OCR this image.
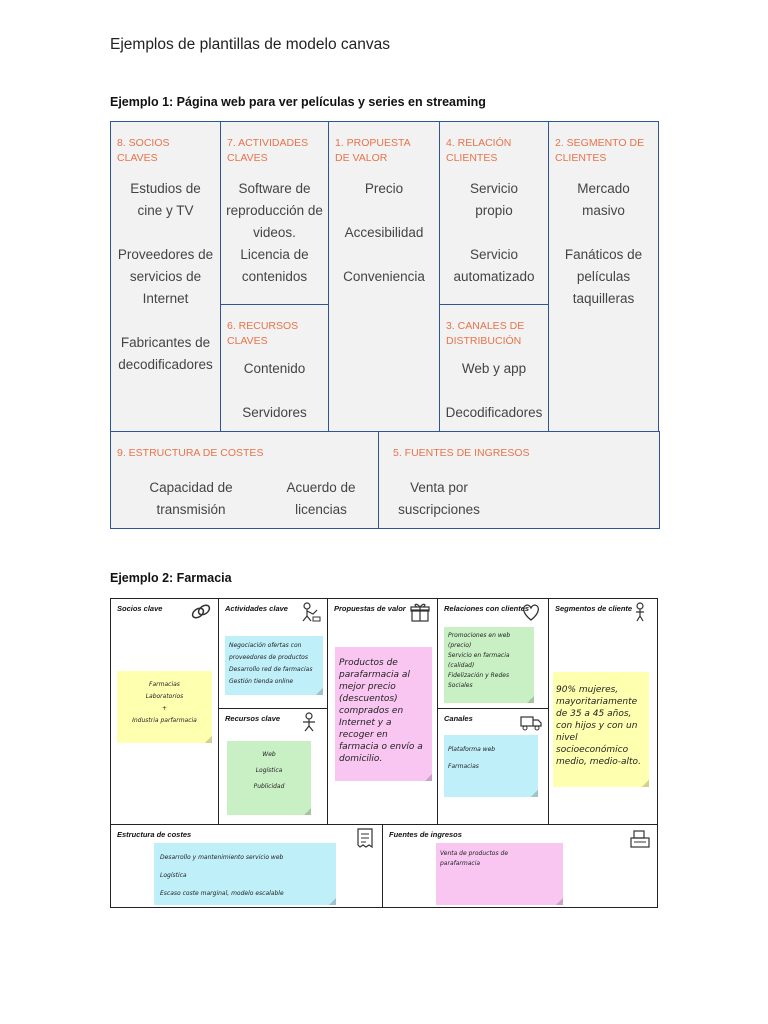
Ejemplos de plantillas de modelo canvas
Ejemplo 1: Página web para ver películas y series en streaming
8. SOCIOS
CLAVES
Estudios de
cine y TV

Proveedores de
servicios de
Internet

Fabricantes de
decodificadores
7. ACTIVIDADES
CLAVES
Software de
reproducción de
videos.
Licencia de
contenidos
6. RECURSOS
CLAVES
Contenido

Servidores
1. PROPUESTA
DE VALOR
Precio

Accesibilidad

Conveniencia
4. RELACIÓN
CLIENTES
Servicio
propio

Servicio
automatizado
3. CANALES DE
DISTRIBUCIÓN
Web y app

Decodificadores
2. SEGMENTO DE
CLIENTES
Mercado
masivo

Fanáticos de
películas
taquilleras
9. ESTRUCTURA DE COSTES
Capacidad de
transmisión
Acuerdo de
licencias
5. FUENTES DE INGRESOS
Venta por
suscripciones
Ejemplo 2: Farmacia
Socios clave
Farmacias
Laboratorios
+
Industria parfarmacia
Actividades clave
Negociación ofertas con
proveedores de productos
Desarrollo red de farmacias
Gestión tienda online
Recursos clave
Web
Logística
Publicidad
Propuestas de valor
Productos de
parafarmacia al
mejor precio
(descuentos)
comprados en
Internet y a
recoger en
farmacia o envío a
domicilio.
Relaciones con clientes
Promociones en web
(precio)
Servicio en farmacia
(calidad)
Fidelización y Redes
Sociales
Canales
Plataforma web
Farmacias
Segmentos de cliente
90% mujeres,
mayoritariamente
de 35 a 45 años,
con hijos y con un
nivel
socioeconómico
medio, medio-alto.
Estructura de costes
Desarrollo y mantenimiento servicio web
Logística
Escaso coste marginal, modelo escalable
Fuentes de ingresos
Venta de productos de
parafarmacia
